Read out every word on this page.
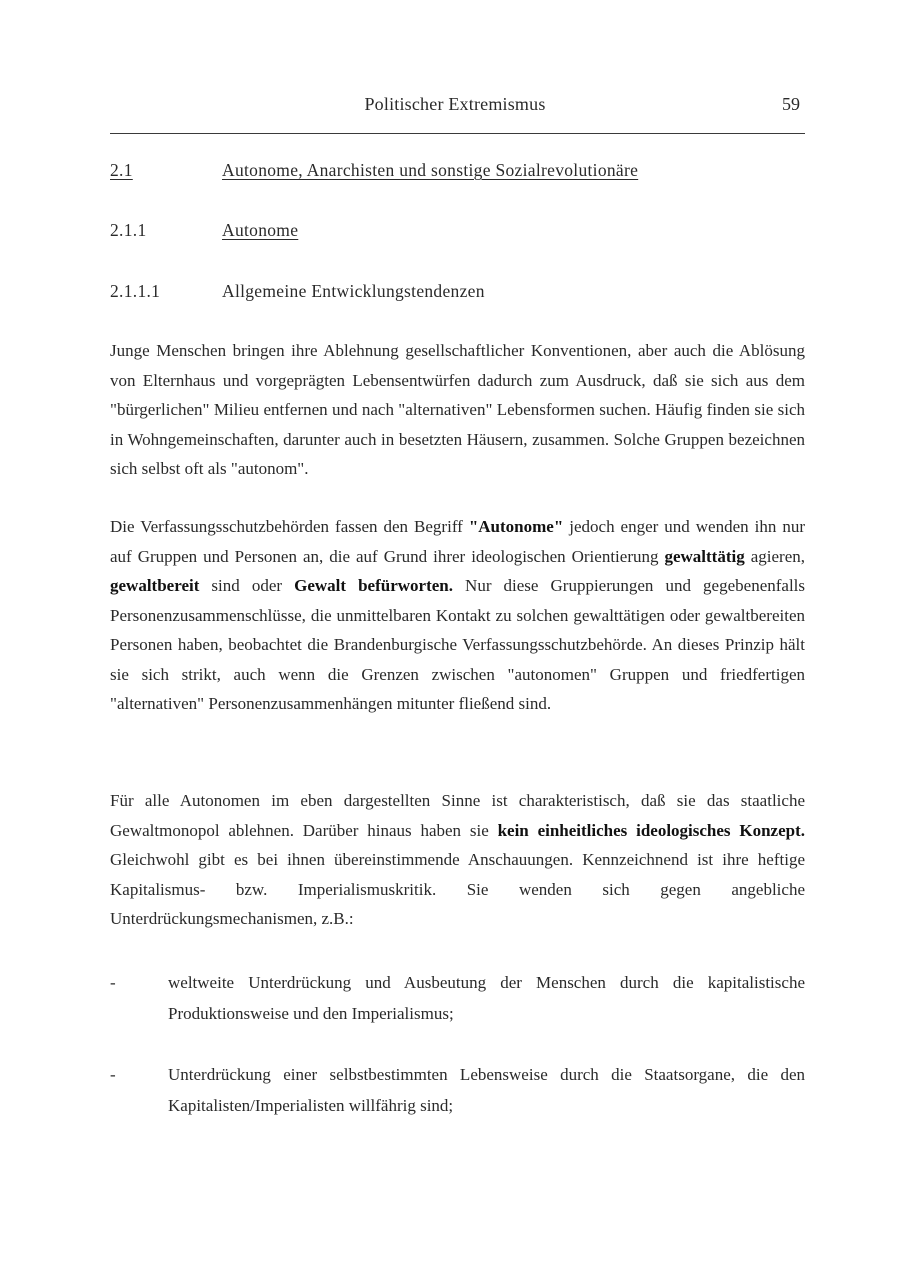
Politischer Extremismus	59
2.1	Autonome, Anarchisten und sonstige Sozialrevolutionäre
2.1.1	Autonome
2.1.1.1	Allgemeine Entwicklungstendenzen

Junge Menschen bringen ihre Ablehnung gesellschaftlicher Konventionen, aber auch die Ablösung von Elternhaus und vorgeprägten Lebensentwürfen dadurch zum Ausdruck, daß sie sich aus dem "bürgerlichen" Milieu entfernen und nach "alternativen" Lebensformen suchen. Häufig finden sie sich in Wohngemeinschaften, darunter auch in besetzten Häusern, zusammen. Solche Gruppen bezeichnen sich selbst oft als "autonom".

Die Verfassungsschutzbehörden fassen den Begriff "Autonome" jedoch enger und wenden ihn nur auf Gruppen und Personen an, die auf Grund ihrer ideologischen Orientierung gewalttätig agieren, gewaltbereit sind oder Gewalt befürworten. Nur diese Gruppierungen und gegebenenfalls Personenzusammenschlüsse, die unmittelbaren Kontakt zu solchen gewalttätigen oder gewaltbereiten Personen haben, beobachtet die Brandenburgische Verfassungsschutzbehörde. An dieses Prinzip hält sie sich strikt, auch wenn die Grenzen zwischen "autonomen" Gruppen und friedfertigen "alternativen" Personenzusammenhängen mitunter fließend sind.

Für alle Autonomen im eben dargestellten Sinne ist charakteristisch, daß sie das staatliche Gewaltmonopol ablehnen. Darüber hinaus haben sie kein einheitliches ideologisches Konzept. Gleichwohl gibt es bei ihnen übereinstimmende Anschauungen. Kennzeichnend ist ihre heftige Kapitalismus- bzw. Imperialismuskritik. Sie wenden sich gegen angebliche Unterdrückungsmechanismen, z.B.:

-	weltweite Unterdrückung und Ausbeutung der Menschen durch die kapitalistische Produktionsweise und den Imperialismus;
-	Unterdrückung einer selbstbestimmten Lebensweise durch die Staatsorgane, die den Kapitalisten/Imperialisten willfährig sind;
